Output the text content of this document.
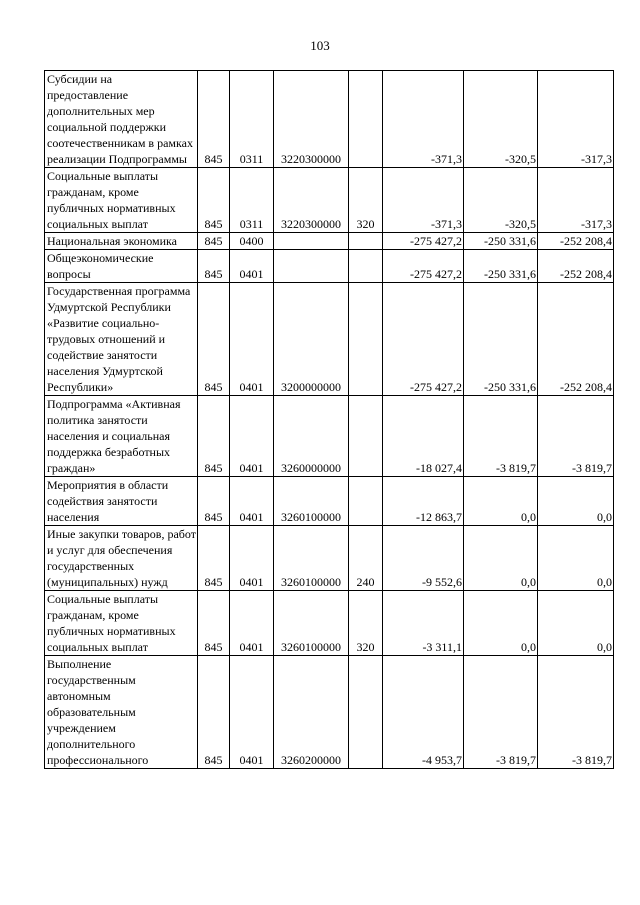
103
Субсидии на предоставление дополнительных мер социальной поддержки соотечественникам в рамках реализации Подпрограммы	845	0311	3220300000		-371,3	-320,5	-317,3
Социальные выплаты гражданам, кроме публичных нормативных социальных выплат	845	0311	3220300000	320	-371,3	-320,5	-317,3
Национальная экономика	845	0400			-275 427,2	-250 331,6	-252 208,4
Общеэкономические вопросы	845	0401			-275 427,2	-250 331,6	-252 208,4
Государственная программа Удмуртской Республики «Развитие социально-трудовых отношений и содействие занятости населения Удмуртской Республики»	845	0401	3200000000		-275 427,2	-250 331,6	-252 208,4
Подпрограмма «Активная политика занятости населения и социальная поддержка безработных граждан»	845	0401	3260000000		-18 027,4	-3 819,7	-3 819,7
Мероприятия в области содействия занятости населения	845	0401	3260100000		-12 863,7	0,0	0,0
Иные закупки товаров, работ и услуг для обеспечения государственных (муниципальных) нужд	845	0401	3260100000	240	-9 552,6	0,0	0,0
Социальные выплаты гражданам, кроме публичных нормативных социальных выплат	845	0401	3260100000	320	-3 311,1	0,0	0,0
Выполнение государственным автономным образовательным учреждением дополнительного профессионального	845	0401	3260200000		-4 953,7	-3 819,7	-3 819,7
